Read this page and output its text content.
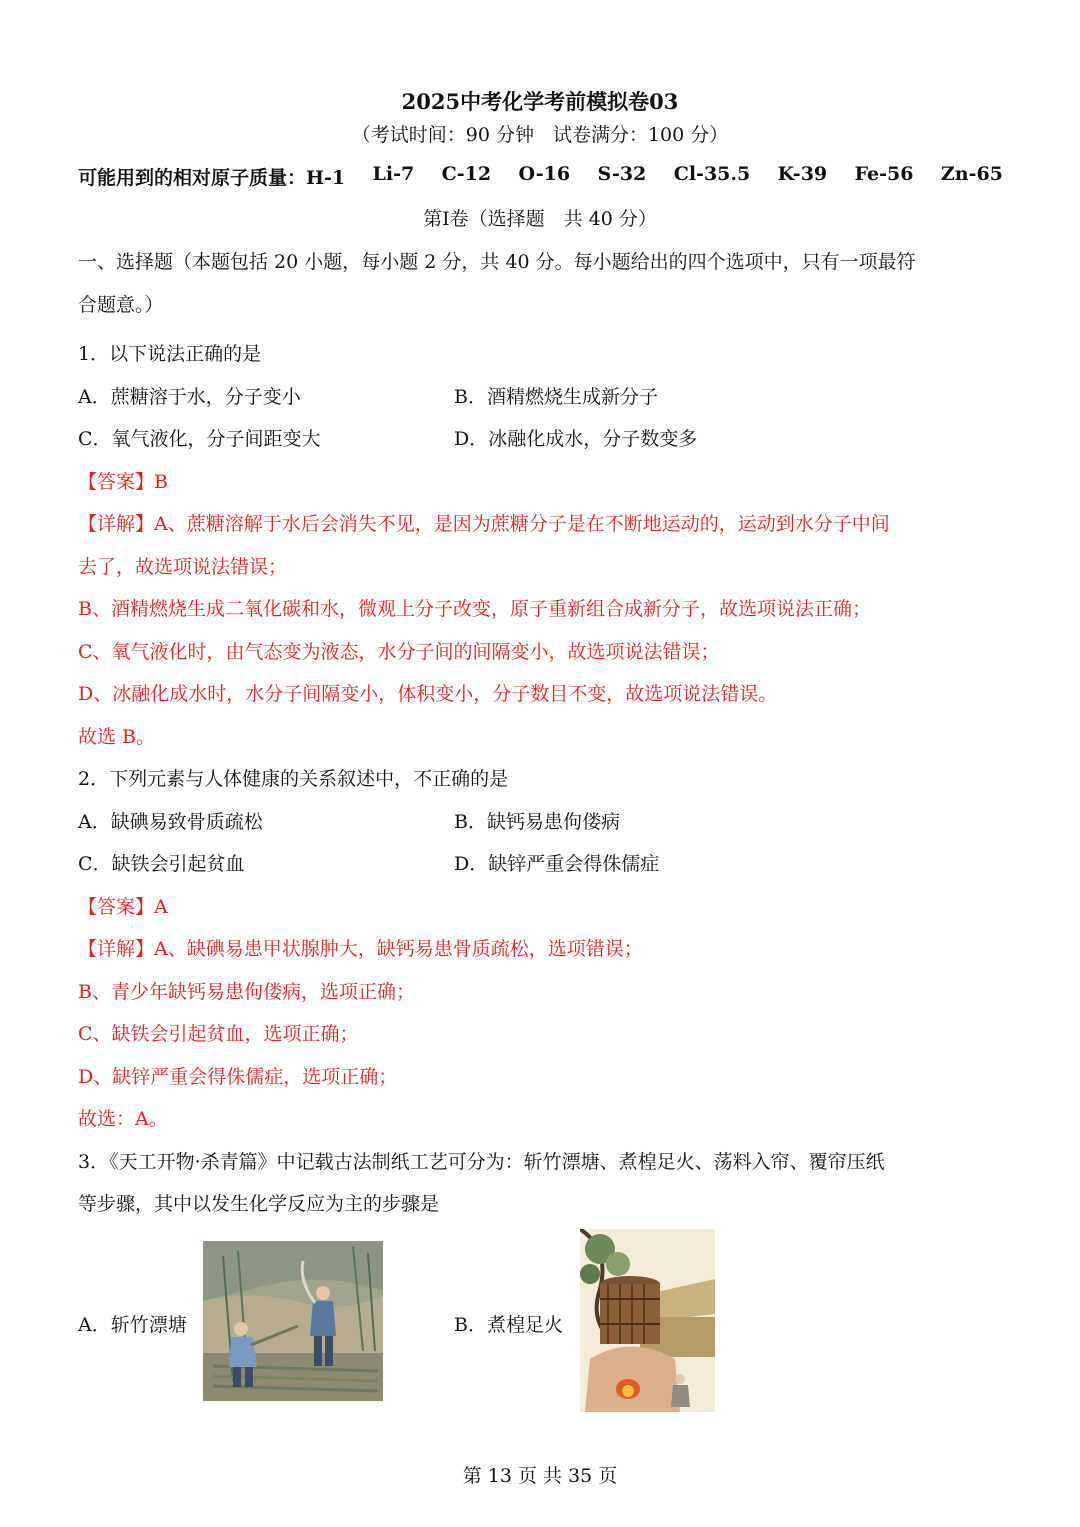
2025中考化学考前模拟卷03
（考试时间：90 分钟　试卷满分：100 分）
可能用到的相对原子质量：H-1 Li-7 C-12 O-16 S-32 Cl-35.5 K-39 Fe-56 Zn-65
第Ⅰ卷（选择题　共 40 分）
一、选择题（本题包括 20 小题，每小题 2 分，共 40 分。每小题给出的四个选项中，只有一项最符
合题意。）
1．以下说法正确的是
A．蔗糖溶于水，分子变小	B．酒精燃烧生成新分子
C．氧气液化，分子间距变大	D．冰融化成水，分子数变多
【答案】B
【详解】A、蔗糖溶解于水后会消失不见，是因为蔗糖分子是在不断地运动的，运动到水分子中间
去了，故选项说法错误；
B、酒精燃烧生成二氧化碳和水，微观上分子改变，原子重新组合成新分子，故选项说法正确；
C、氧气液化时，由气态变为液态，水分子间的间隔变小，故选项说法错误；
D、冰融化成水时，水分子间隔变小，体积变小，分子数目不变，故选项说法错误。
故选 B。
2．下列元素与人体健康的关系叙述中，不正确的是
A．缺碘易致骨质疏松	B．缺钙易患佝偻病
C．缺铁会引起贫血	D．缺锌严重会得侏儒症
【答案】A
【详解】A、缺碘易患甲状腺肿大，缺钙易患骨质疏松，选项错误；
B、青少年缺钙易患佝偻病，选项正确；
C、缺铁会引起贫血，选项正确；
D、缺锌严重会得侏儒症，选项正确；
故选：A。
3．《天工开物·杀青篇》中记载古法制纸工艺可分为：斩竹漂塘、煮楻足火、荡料入帘、覆帘压纸
等步骤，其中以发生化学反应为主的步骤是
A．斩竹漂塘	B．煮楻足火
第 13 页 共 35 页
